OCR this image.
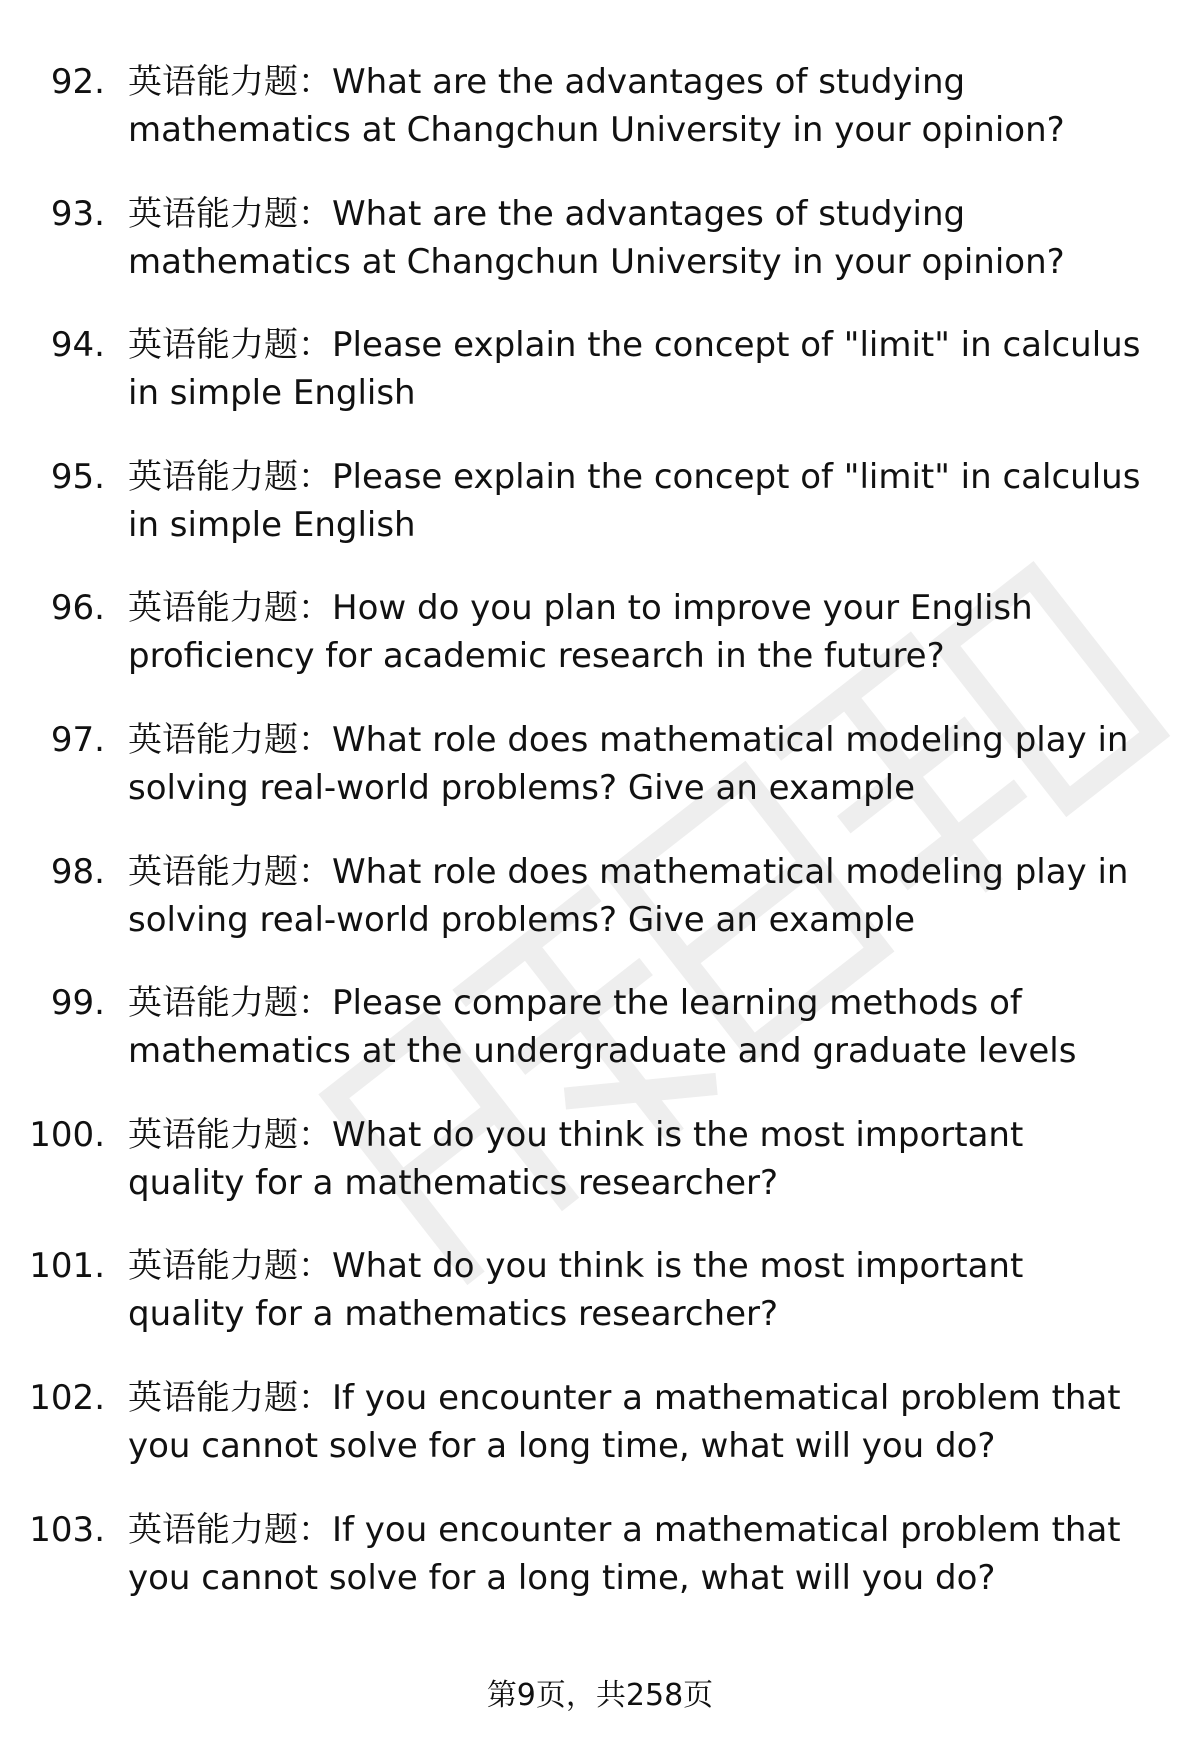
92. 英语能力题：What are the advantages of studying
mathematics at Changchun University in your opinion?
93. 英语能力题：What are the advantages of studying
mathematics at Changchun University in your opinion?
94. 英语能力题：Please explain the concept of "limit" in calculus
in simple English
95. 英语能力题：Please explain the concept of "limit" in calculus
in simple English
96. 英语能力题：How do you plan to improve your English
proficiency for academic research in the future?
97. 英语能力题：What role does mathematical modeling play in
solving real-world problems? Give an example
98. 英语能力题：What role does mathematical modeling play in
solving real-world problems? Give an example
99. 英语能力题：Please compare the learning methods of
mathematics at the undergraduate and graduate levels
100. 英语能力题：What do you think is the most important
quality for a mathematics researcher?
101. 英语能力题：What do you think is the most important
quality for a mathematics researcher?
102. 英语能力题：If you encounter a mathematical problem that
you cannot solve for a long time, what will you do?
103. 英语能力题：If you encounter a mathematical problem that
you cannot solve for a long time, what will you do?
第9页，共258页
